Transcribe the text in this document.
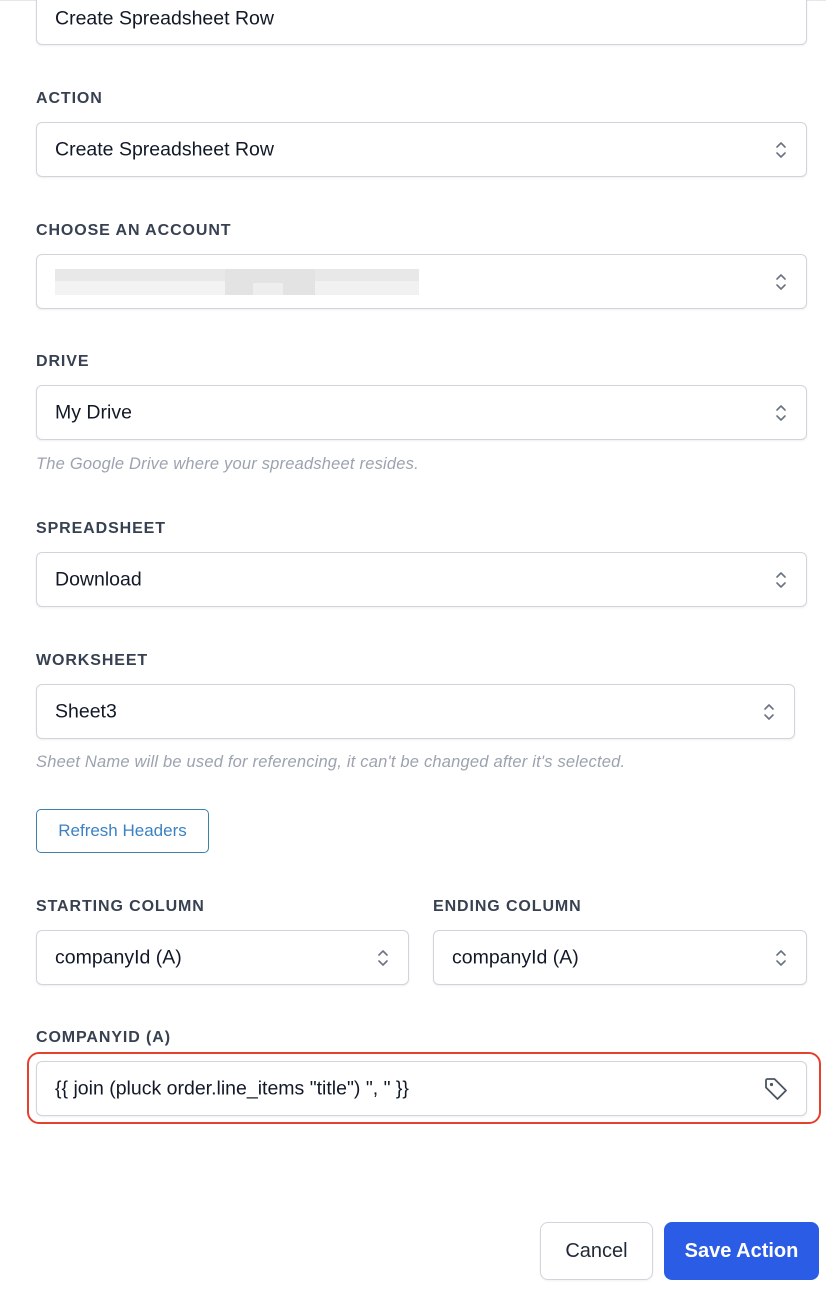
Create Spreadsheet Row
ACTION
Create Spreadsheet Row
CHOOSE AN ACCOUNT
DRIVE
My Drive
The Google Drive where your spreadsheet resides.
SPREADSHEET
Download
WORKSHEET
Sheet3
Sheet Name will be used for referencing, it can't be changed after it's selected.
Refresh Headers
STARTING COLUMN
companyId (A)
ENDING COLUMN
companyId (A)
COMPANYID (A)
{{ join (pluck order.line_items "title") ", " }}
Cancel	Save Action
